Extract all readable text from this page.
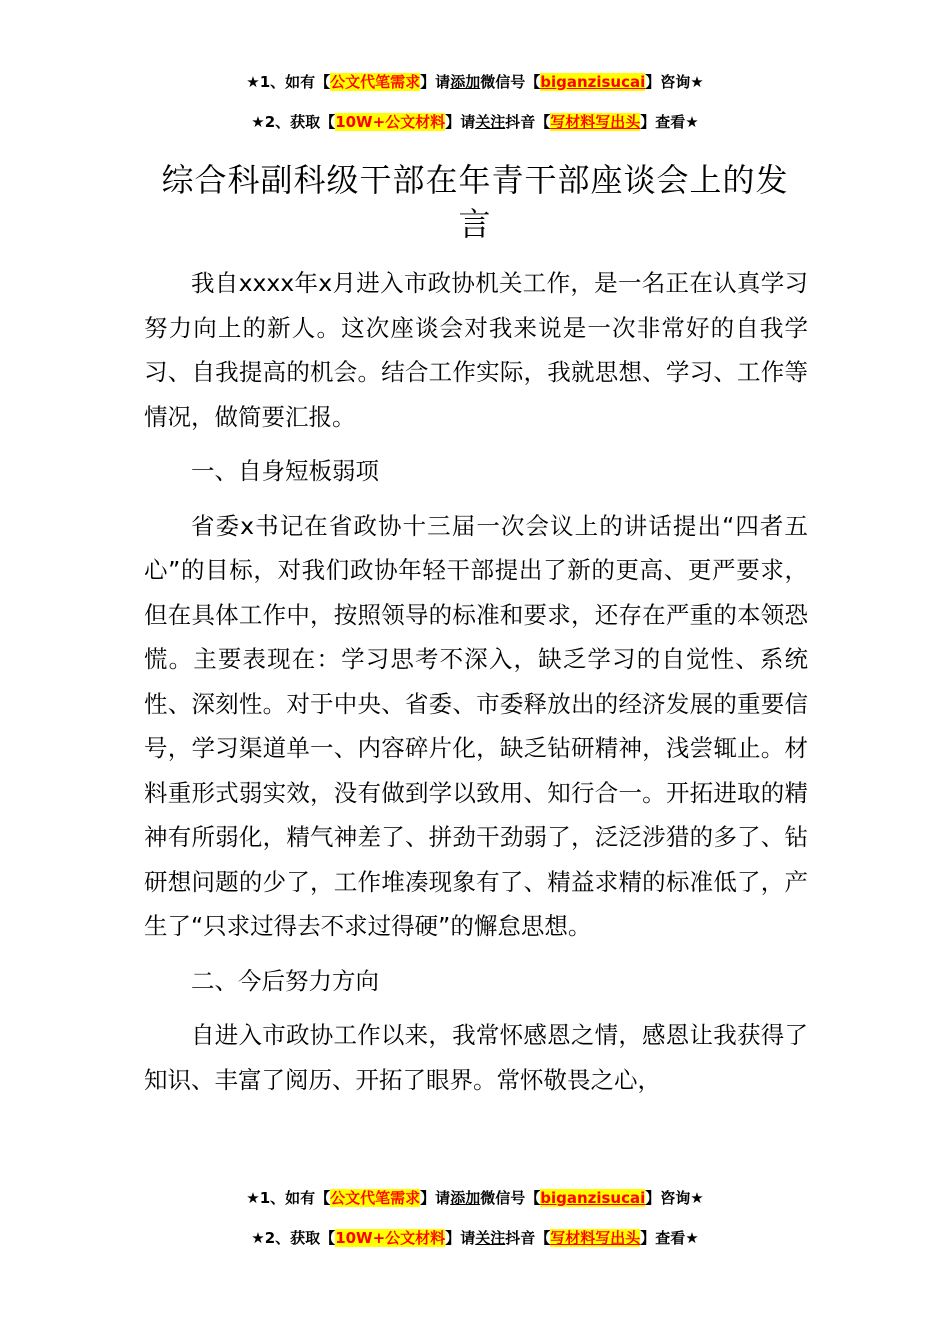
★1、如有【公文代笔需求】请添加微信号【biganzisucai】咨询★
★2、获取【10W+公文材料】请关注抖音【写材料写出头】查看★
综合科副科级干部在年青干部座谈会上的发
言

我自xxxx年x月进入市政协机关工作，是一名正在认真学习努力向上的新人。这次座谈会对我来说是一次非常好的自我学习、自我提高的机会。结合工作实际，我就思想、学习、工作等情况，做简要汇报。

一、自身短板弱项

省委x书记在省政协十三届一次会议上的讲话提出“四者五心”的目标，对我们政协年轻干部提出了新的更高、更严要求，但在具体工作中，按照领导的标准和要求，还存在严重的本领恐慌。主要表现在：学习思考不深入，缺乏学习的自觉性、系统性、深刻性。对于中央、省委、市委释放出的经济发展的重要信号，学习渠道单一、内容碎片化，缺乏钻研精神，浅尝辄止。材料重形式弱实效，没有做到学以致用、知行合一。开拓进取的精神有所弱化，精气神差了、拼劲干劲弱了，泛泛涉猎的多了、钻研想问题的少了，工作堆凑现象有了、精益求精的标准低了，产生了“只求过得去不求过得硬”的懈怠思想。

二、今后努力方向

自进入市政协工作以来，我常怀感恩之情，感恩让我获得了知识、丰富了阅历、开拓了眼界。常怀敬畏之心，

★1、如有【公文代笔需求】请添加微信号【biganzisucai】咨询★
★2、获取【10W+公文材料】请关注抖音【写材料写出头】查看★
